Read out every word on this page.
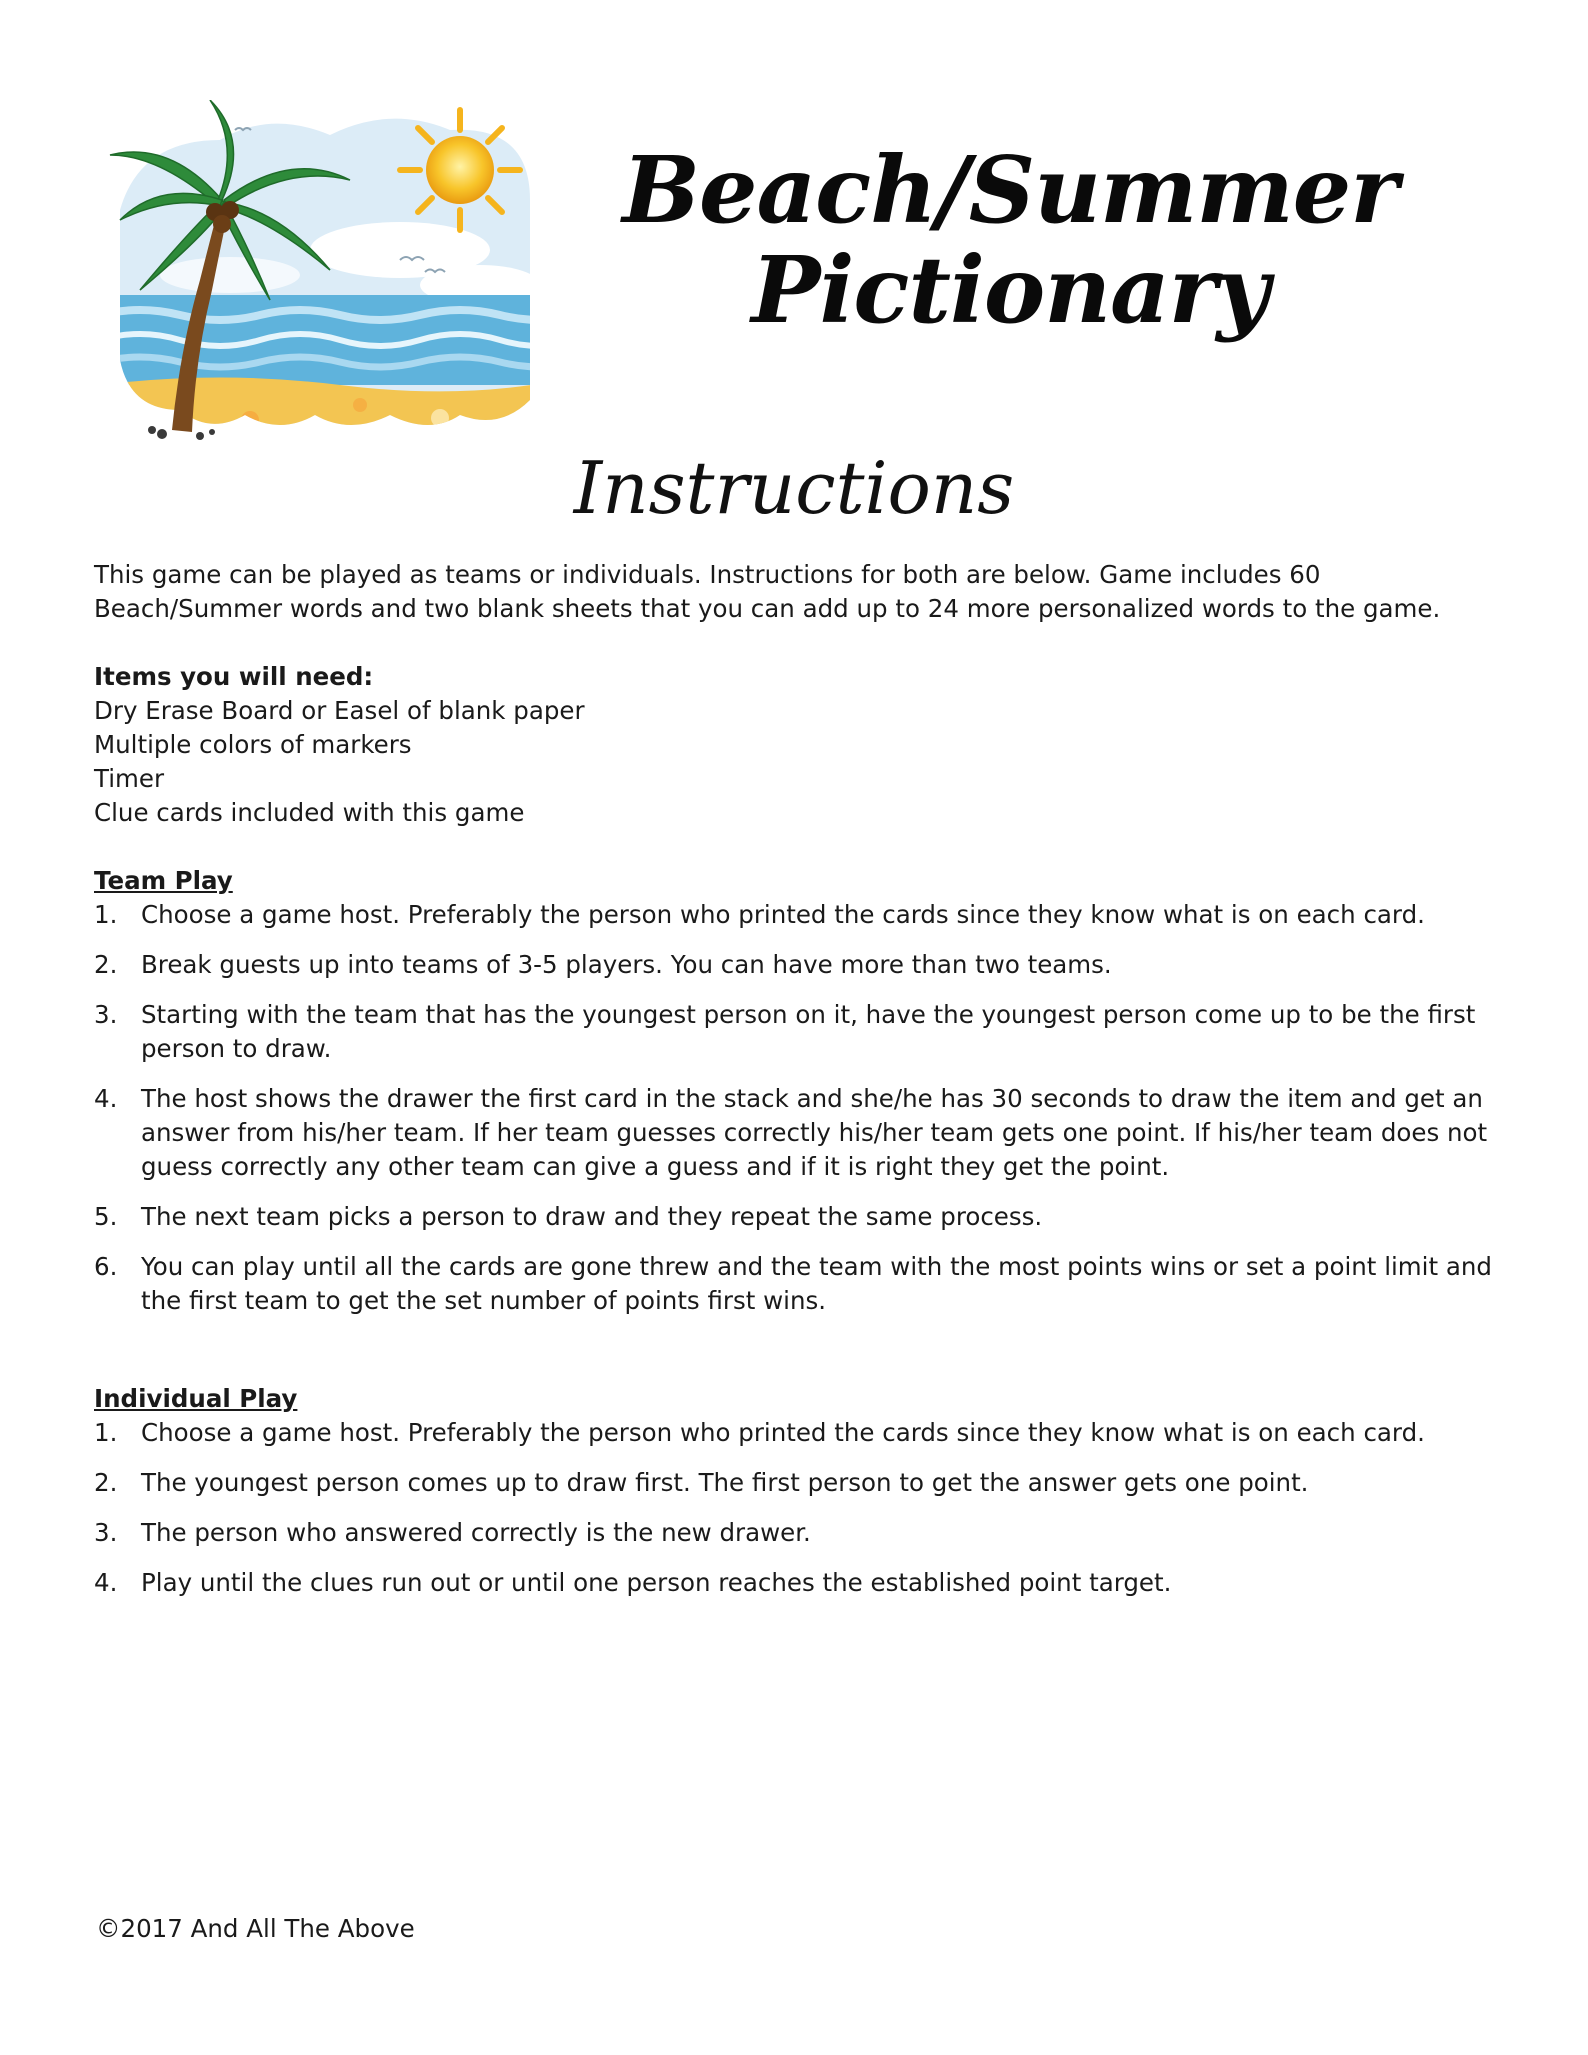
Beach/Summer
Pictionary
Instructions

This game can be played as teams or individuals. Instructions for both are below. Game includes 60 Beach/Summer words and two blank sheets that you can add up to 24 more personalized words to the game.

Items you will need:

Dry Erase Board or Easel of blank paper

Multiple colors of markers

Timer

Clue cards included with this game

Team Play

1. Choose a game host. Preferably the person who printed the cards since they know what is on each card.
2. Break guests up into teams of 3-5 players. You can have more than two teams.
3. Starting with the team that has the youngest person on it, have the youngest person come up to be the first person to draw.
4. The host shows the drawer the first card in the stack and she/he has 30 seconds to draw the item and get an answer from his/her team. If her team guesses correctly his/her team gets one point. If his/her team does not guess correctly any other team can give a guess and if it is right they get the point.
5. The next team picks a person to draw and they repeat the same process.
6. You can play until all the cards are gone threw and the team with the most points wins or set a point limit and the first team to get the set number of points first wins.

Individual Play

1. Choose a game host. Preferably the person who printed the cards since they know what is on each card.
2. The youngest person comes up to draw first. The first person to get the answer gets one point.
3. The person who answered correctly is the new drawer.
4. Play until the clues run out or until one person reaches the established point target.
©2017 And All The Above
